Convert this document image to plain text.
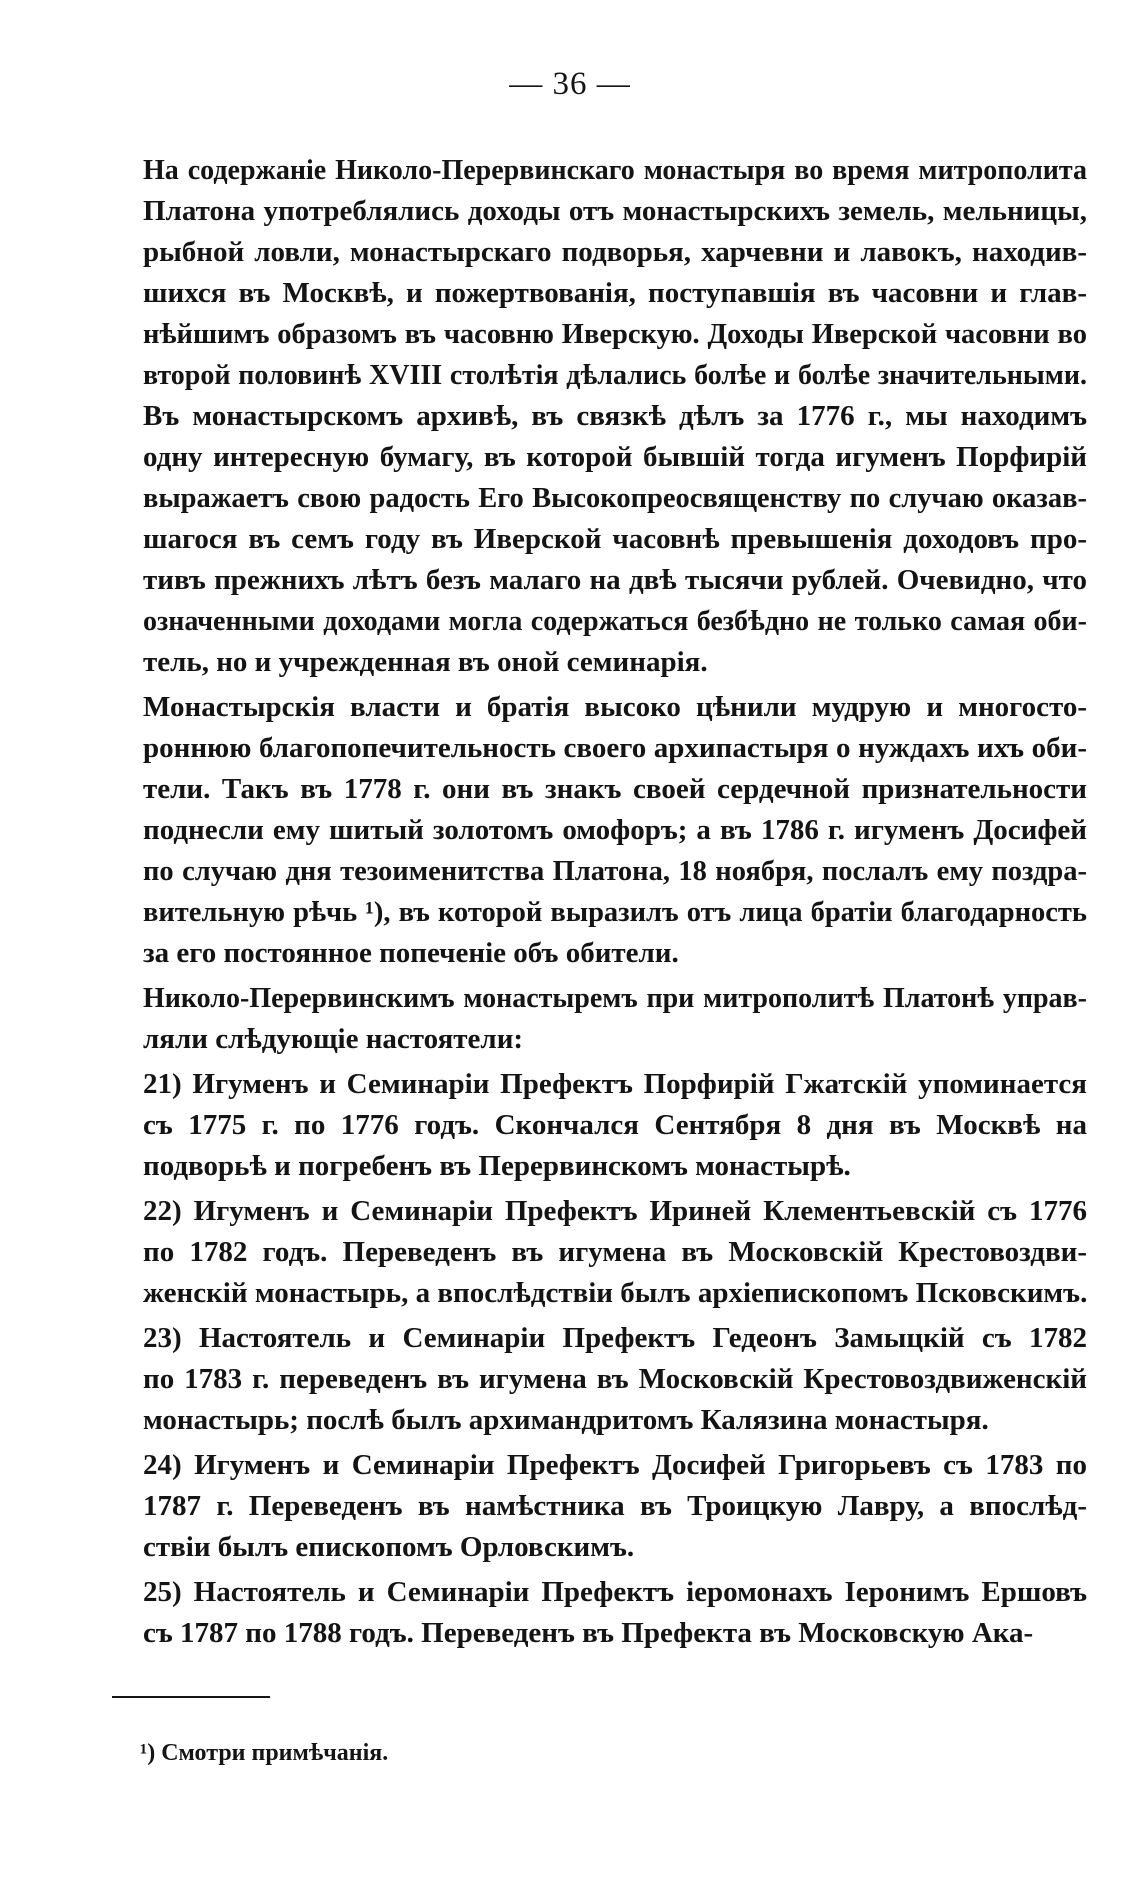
— 36 —
На содержаніе Николо-Перервинскаго монастыря во время митрополита
Платона употреблялись доходы отъ монастырскихъ земель, мельницы,
рыбной ловли, монастырскаго подворья, харчевни и лавокъ, находив-
шихся въ Москвѣ, и пожертвованія, поступавшія въ часовни и глав-
нѣйшимъ образомъ въ часовню Иверскую. Доходы Иверской часовни во
второй половинѣ XVIII столѣтія дѣлались болѣе и болѣе значительными.
Въ монастырскомъ архивѣ, въ связкѣ дѣлъ за 1776 г., мы находимъ
одну интересную бумагу, въ которой бывшій тогда игуменъ Порфирій
выражаетъ свою радость Его Высокопреосвященству по случаю оказав-
шагося въ семъ году въ Иверской часовнѣ превышенія доходовъ про-
тивъ прежнихъ лѣтъ безъ малаго на двѣ тысячи рублей. Очевидно, что
означенными доходами могла содержаться безбѣдно не только самая оби-
тель, но и учрежденная въ оной семинарія.
Монастырскія власти и братія высоко цѣнили мудрую и многосто-
роннюю благопопечительность своего архипастыря о нуждахъ ихъ оби-
тели. Такъ въ 1778 г. они въ знакъ своей сердечной признательности
поднесли ему шитый золотомъ омофоръ; а въ 1786 г. игуменъ Досифей
по случаю дня тезоименитства Платона, 18 ноября, послалъ ему поздра-
вительную рѣчь ¹), въ которой выразилъ отъ лица братіи благодарность
за его постоянное попеченіе объ обители.
Николо-Перервинскимъ монастыремъ при митрополитѣ Платонѣ управ-
ляли слѣдующіе настоятели:
21) Игуменъ и Семинаріи Префектъ Порфирій Гжатскій упоминается
съ 1775 г. по 1776 годъ. Скончался Сентября 8 дня въ Москвѣ на
подворьѣ и погребенъ въ Перервинскомъ монастырѣ.
22) Игуменъ и Семинаріи Префектъ Ириней Клементьевскій съ 1776
по 1782 годъ. Переведенъ въ игумена въ Московскій Крестовоздви-
женскій монастырь, а впослѣдствіи былъ архіепископомъ Псковскимъ.
23) Настоятель и Семинаріи Префектъ Гедеонъ Замыцкій съ 1782
по 1783 г. переведенъ въ игумена въ Московскій Крестовоздвиженскій
монастырь; послѣ былъ архимандритомъ Калязина монастыря.
24) Игуменъ и Семинаріи Префектъ Досифей Григорьевъ съ 1783 по
1787 г. Переведенъ въ намѣстника въ Троицкую Лавру, а впослѣд-
ствіи былъ епископомъ Орловскимъ.
25) Настоятель и Семинаріи Префектъ іеромонахъ Іеронимъ Ершовъ
съ 1787 по 1788 годъ. Переведенъ въ Префекта въ Московскую Ака-
¹) Смотри примѣчанія.
